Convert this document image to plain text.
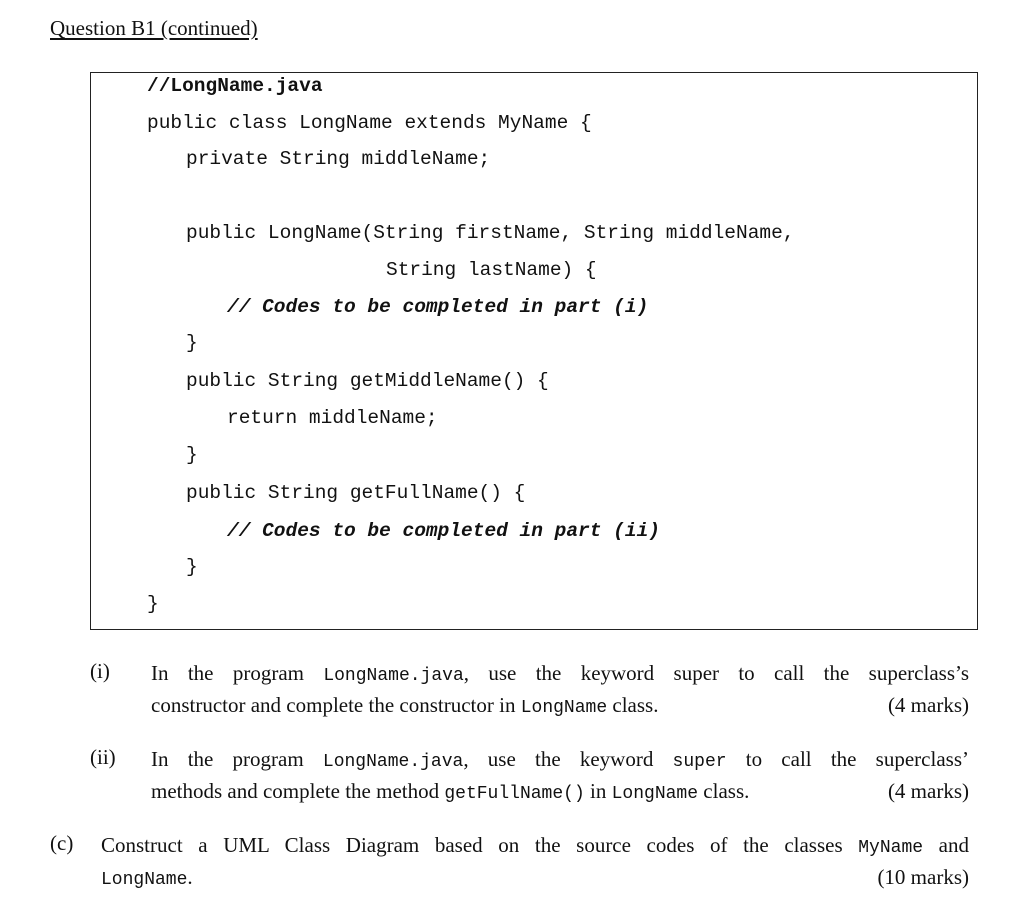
Question B1 (continued)
//LongName.java
public class LongName extends MyName {
private String middleName;
public LongName(String firstName, String middleName,
String lastName) {
// Codes to be completed in part (i)
}
public String getMiddleName() {
return middleName;
}
public String getFullName() {
// Codes to be completed in part (ii)
}
}
(i) In the program LongName.java, use the keyword super to call the superclass’s
constructor and complete the constructor in LongName class.	(4 marks)
(ii) In the program LongName.java, use the keyword super to call the superclass’
methods and complete the method getFullName() in LongName class.	(4 marks)
(c) Construct a UML Class Diagram based on the source codes of the classes MyName and
LongName.	(10 marks)
